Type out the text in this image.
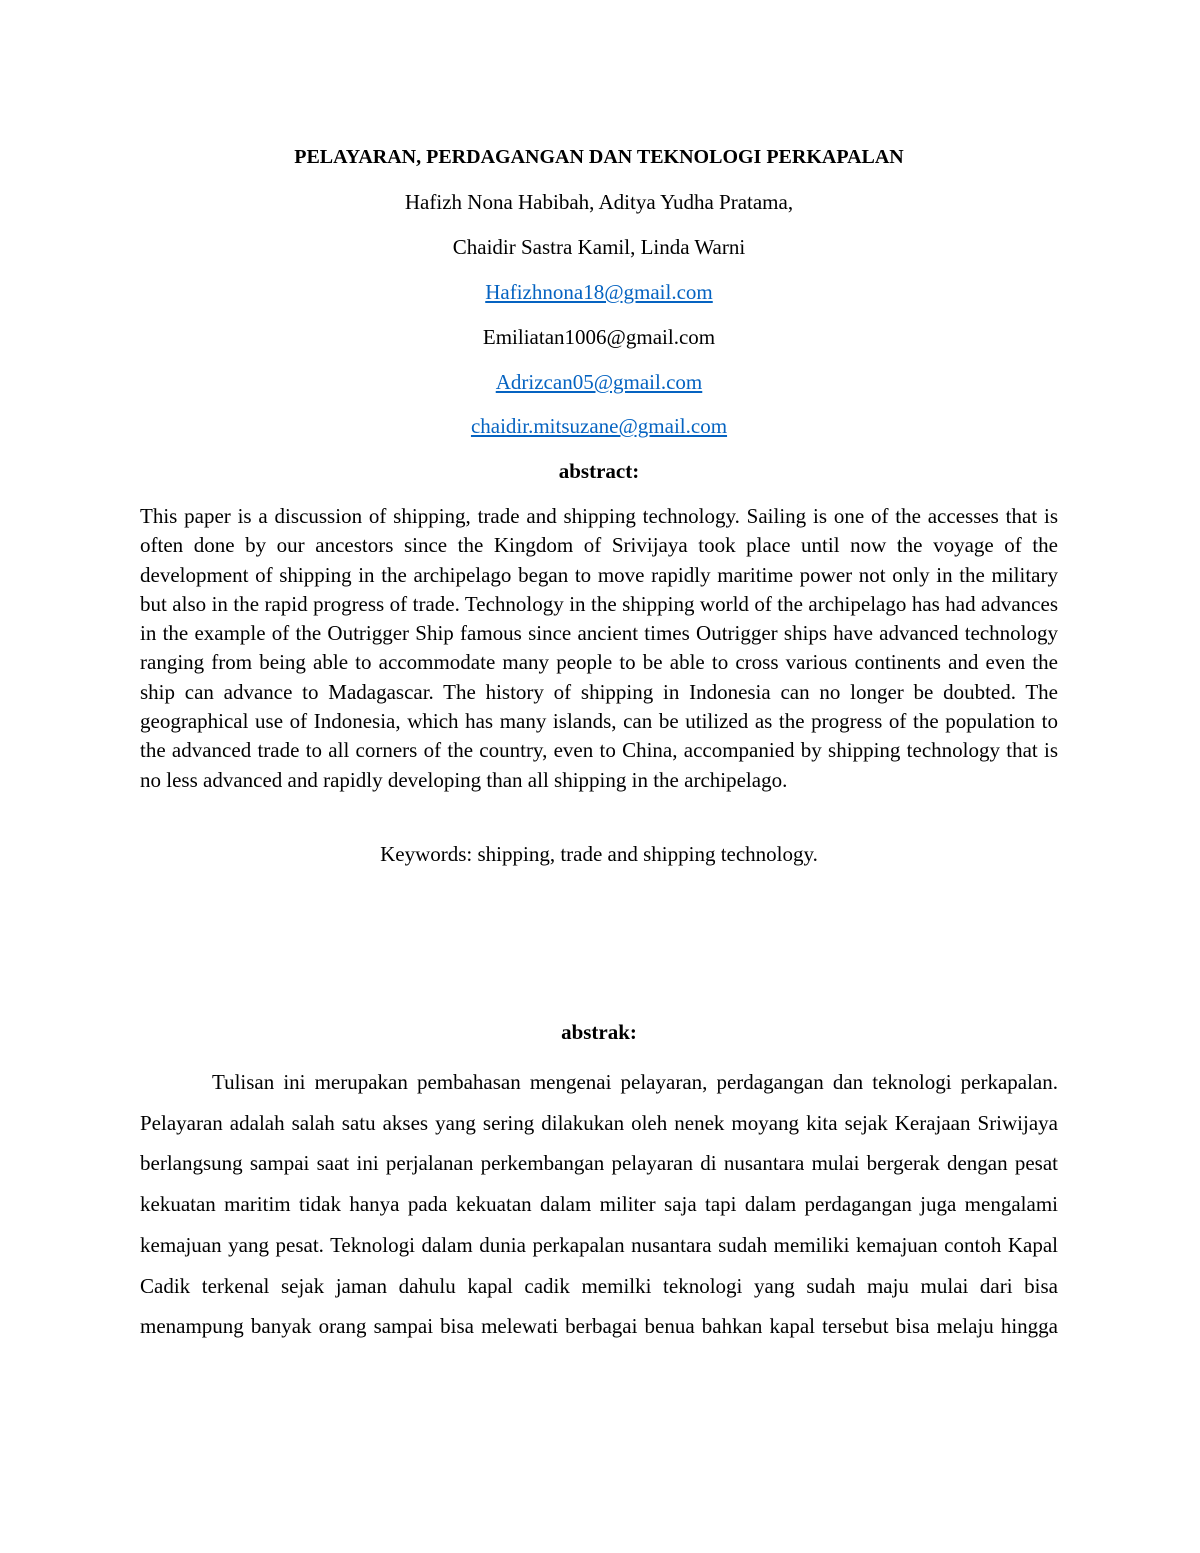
PELAYARAN, PERDAGANGAN DAN TEKNOLOGI PERKAPALAN
Hafizh Nona Habibah, Aditya Yudha Pratama,
Chaidir Sastra Kamil, Linda Warni
Hafizhnona18@gmail.com
Emiliatan1006@gmail.com
Adrizcan05@gmail.com
chaidir.mitsuzane@gmail.com
abstract:

This paper is a discussion of shipping, trade and shipping technology. Sailing is one of the accesses that is often done by our ancestors since the Kingdom of Srivijaya took place until now the voyage of the development of shipping in the archipelago began to move rapidly maritime power not only in the military but also in the rapid progress of trade. Technology in the shipping world of the archipelago has had advances in the example of the Outrigger Ship famous since ancient times Outrigger ships have advanced technology ranging from being able to accommodate many people to be able to cross various continents and even the ship can advance to Madagascar. The history of shipping in Indonesia can no longer be doubted. The geographical use of Indonesia, which has many islands, can be utilized as the progress of the population to the advanced trade to all corners of the country, even to China, accompanied by shipping technology that is no less advanced and rapidly developing than all shipping in the archipelago.

Keywords: shipping, trade and shipping technology.
abstrak:

Tulisan ini merupakan pembahasan mengenai pelayaran, perdagangan dan teknologi perkapalan. Pelayaran adalah salah satu akses yang sering dilakukan oleh nenek moyang kita sejak Kerajaan Sriwijaya berlangsung sampai saat ini perjalanan perkembangan pelayaran di nusantara mulai bergerak dengan pesat kekuatan maritim tidak hanya pada kekuatan dalam militer saja tapi dalam perdagangan juga mengalami kemajuan yang pesat. Teknologi dalam dunia perkapalan nusantara sudah memiliki kemajuan contoh Kapal Cadik terkenal sejak jaman dahulu kapal cadik memilki teknologi yang sudah maju mulai dari bisa menampung banyak orang sampai bisa melewati berbagai benua bahkan kapal tersebut bisa melaju hingga
